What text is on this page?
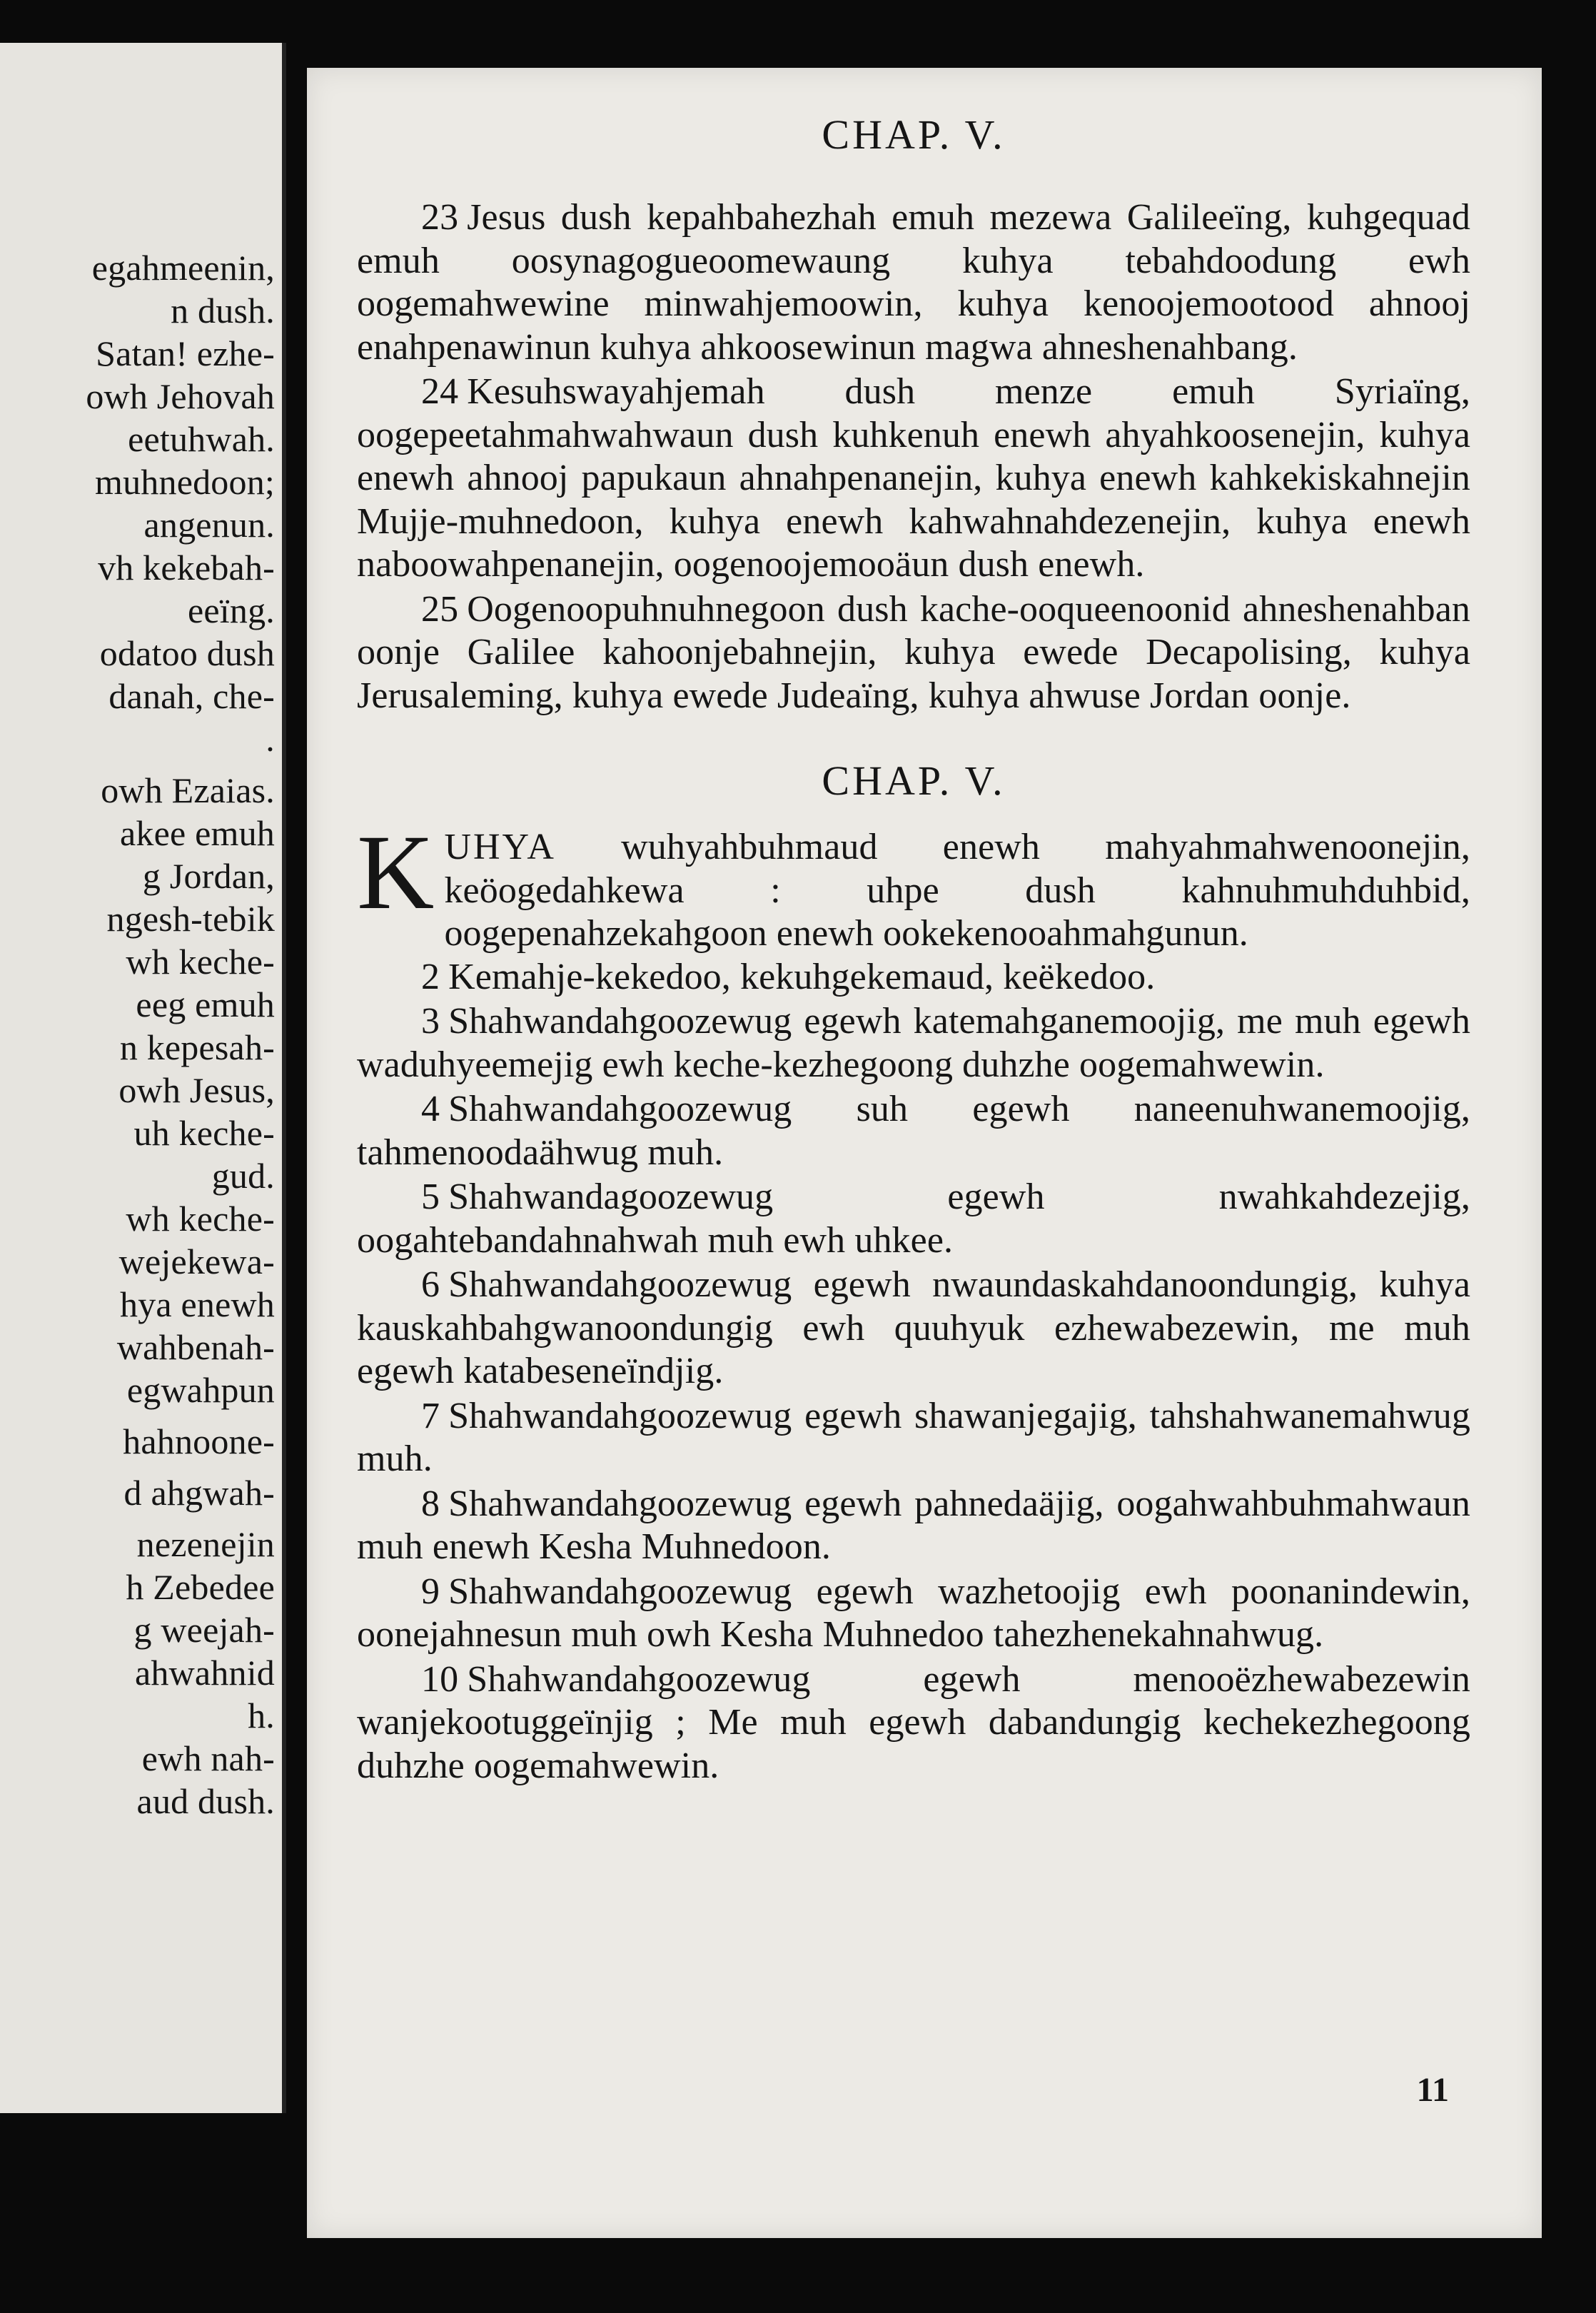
egahmeenin,
n dush.
Satan! ezhe-
owh Jehovah
eetuhwah.
muhnedoon;
angenun.
vh kekebah-
eeïng.
odatoo dush
danah, che-
.
owh Ezaias.
akee emuh
g Jordan,
ngesh-tebik
wh keche-
eeg emuh
n kepesah-
owh Jesus,
uh keche-
gud.
wh keche-
wejekewa-
hya enewh
wahbenah-
egwahpun
hahnoone-
d ahgwah-
nezenejin
h Zebedee
g weejah-
ahwahnid
h.
ewh nah-
aud dush.
CHAP. V.

23 Jesus dush kepahbahezhah emuh mezewa Galileeïng, kuhgequad emuh oosynagogueoomewaung kuhya tebahdoodung ewh oogemahwewine minwahjemoowin, kuhya kenoojemootood ahnooj enahpenawinun kuhya ahkoosewinun magwa ahneshenahbang.

24 Kesuhswayahjemah dush menze emuh Syriaïng, oogepeetahmahwahwaun dush kuhkenuh enewh ahyahkoosenejin, kuhya enewh ahnooj papukaun ahnahpenanejin, kuhya enewh kahkekiskahnejin Mujje-muhnedoon, kuhya enewh kahwahnahdezenejin, kuhya enewh naboowahpenanejin, oogenoojemooäun dush enewh.

25 Oogenoopuhnuhnegoon dush kache-ooqueenoonid ahneshenahban oonje Galilee kahoonjebahnejin, kuhya ewede Decapolising, kuhya Jerusaleming, kuhya ewede Judeaïng, kuhya ahwuse Jordan oonje.

CHAP. V.

KUHYA wuhyahbuhmaud enewh mahyahmahwenoonejin, keöogedahkewa : uhpe dush kahnuhmuhduhbid, oogepenahzekahgoon enewh ookekenooahmahgunun.

2 Kemahje-kekedoo, kekuhgekemaud, keëkedoo.

3 Shahwandahgoozewug egewh katemahganemoojig, me muh egewh waduhyeemejig ewh keche-kezhegoong duhzhe oogemahwewin.

4 Shahwandahgoozewug suh egewh naneenuhwanemoojig, tahmenoodaähwug muh.

5 Shahwandagoozewug egewh nwahkahdezejig, oogahtebandahnahwah muh ewh uhkee.

6 Shahwandahgoozewug egewh nwaundaskahdanoondungig, kuhya kauskahbahgwanoondungig ewh quuhyuk ezhewabezewin, me muh egewh katabeseneïndjig.

7 Shahwandahgoozewug egewh shawanjegajig, tahshahwanemahwug muh.

8 Shahwandahgoozewug egewh pahnedaäjig, oogahwahbuhmahwaun muh enewh Kesha Muhnedoon.

9 Shahwandahgoozewug egewh wazhetoojig ewh poonanindewin, oonejahnesun muh owh Kesha Muhnedoo tahezhenekahnahwug.

10 Shahwandahgoozewug egewh menooëzhewabezewin wanjekootuggeïnjig ; Me muh egewh dabandungig kechekezhegoong duhzhe oogemahwewin.

11
